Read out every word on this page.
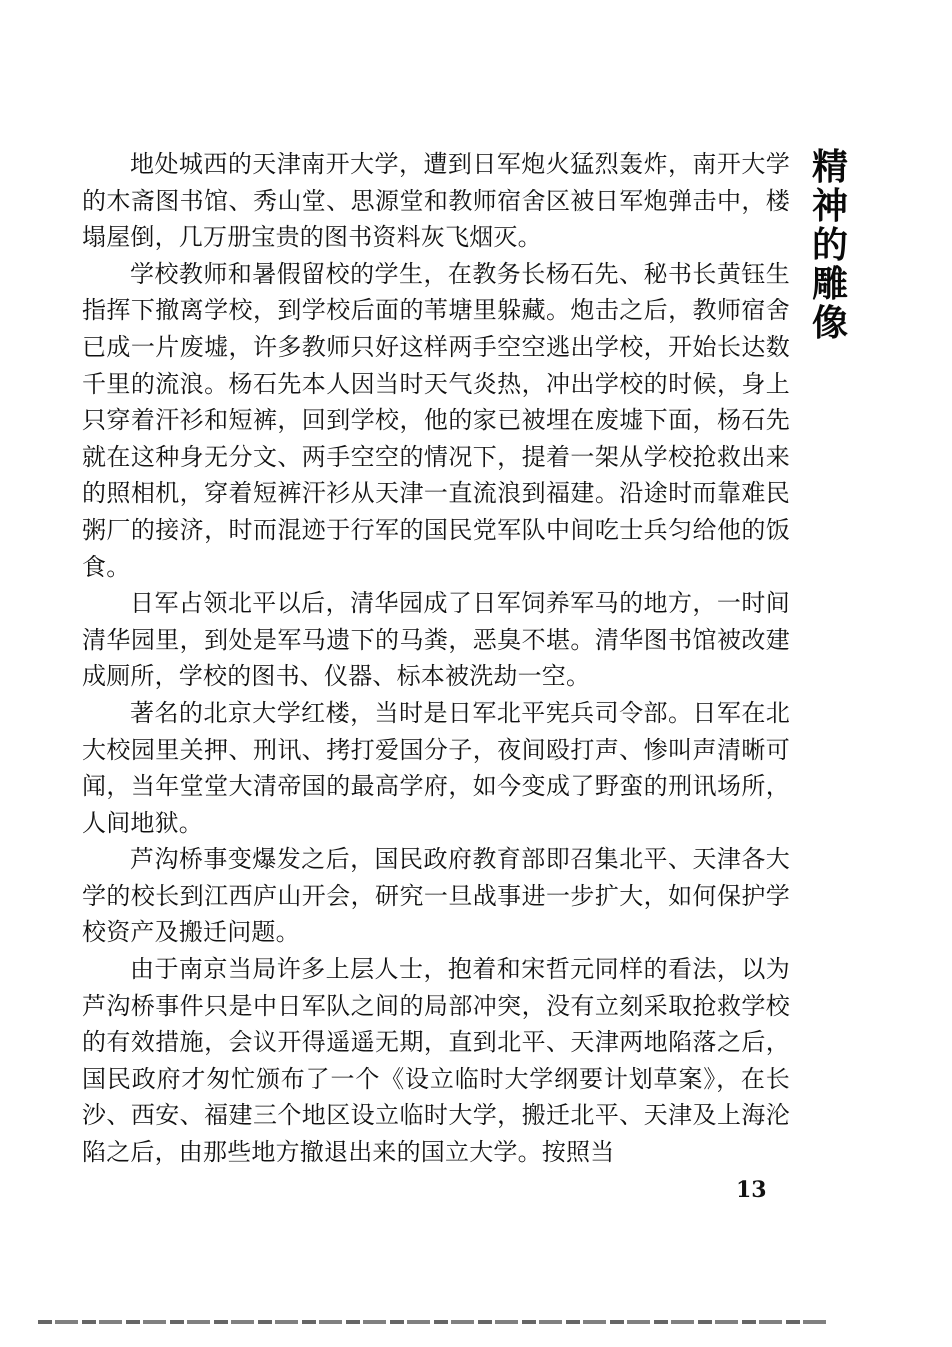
精
神
的
雕
像

地处城西的天津南开大学，遭到日军炮火猛烈轰炸，南开大学的木斋图书馆、秀山堂、思源堂和教师宿舍区被日军炮弹击中，楼塌屋倒，几万册宝贵的图书资料灰飞烟灭。

学校教师和暑假留校的学生，在教务长杨石先、秘书长黄钰生指挥下撤离学校，到学校后面的苇塘里躲藏。炮击之后，教师宿舍已成一片废墟，许多教师只好这样两手空空逃出学校，开始长达数千里的流浪。杨石先本人因当时天气炎热，冲出学校的时候，身上只穿着汗衫和短裤，回到学校，他的家已被埋在废墟下面，杨石先就在这种身无分文、两手空空的情况下，提着一架从学校抢救出来的照相机，穿着短裤汗衫从天津一直流浪到福建。沿途时而靠难民粥厂的接济，时而混迹于行军的国民党军队中间吃士兵匀给他的饭食。

日军占领北平以后，清华园成了日军饲养军马的地方，一时间清华园里，到处是军马遗下的马粪，恶臭不堪。清华图书馆被改建成厕所，学校的图书、仪器、标本被洗劫一空。

著名的北京大学红楼，当时是日军北平宪兵司令部。日军在北大校园里关押、刑讯、拷打爱国分子，夜间殴打声、惨叫声清晰可闻，当年堂堂大清帝国的最高学府，如今变成了野蛮的刑讯场所，人间地狱。

芦沟桥事变爆发之后，国民政府教育部即召集北平、天津各大学的校长到江西庐山开会，研究一旦战事进一步扩大，如何保护学校资产及搬迁问题。

由于南京当局许多上层人士，抱着和宋哲元同样的看法，以为芦沟桥事件只是中日军队之间的局部冲突，没有立刻采取抢救学校的有效措施，会议开得遥遥无期，直到北平、天津两地陷落之后，国民政府才匆忙颁布了一个《设立临时大学纲要计划草案》，在长沙、西安、福建三个地区设立临时大学，搬迁北平、天津及上海沦陷之后，由那些地方撤退出来的国立大学。按照当

13
